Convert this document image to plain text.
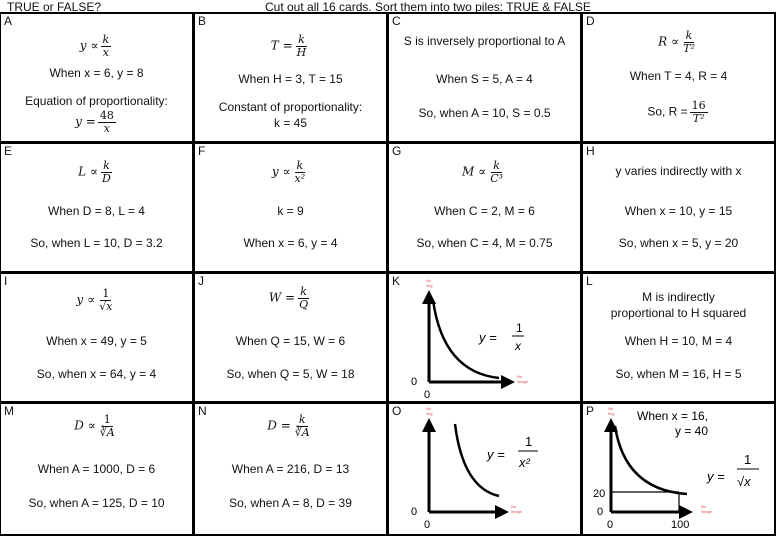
TRUE or FALSE?	Cut out all 16 cards. Sort them into two piles: TRUE & FALSE
A
$y \propto \frac{k}{x}$
When x = 6, y = 8
Equation of proportionality:
$y = \frac{48}{x}$
B
$T = \frac{k}{H}$
When H = 3, T = 15
Constant of proportionality:
k = 45
C
S is inversely proportional to A
When S = 5, A = 4
So, when A = 10, S = 0.5
D
$R \propto \frac{k}{\text{T²}}$
When T = 4, R = 4
So, $R = \frac{16}{\text{T²}}$
E
$L \propto \frac{k}{D}$
When D = 8, L = 4
So, when L = 10, D = 3.2
F
$y \propto \frac{k}{\text{x²}}$
k = 9
When x = 6, y = 4
G
$M \propto \frac{k}{\text{C³}}$
When C = 2, M = 6
So, when C = 4, M = 0.75
H
y varies indirectly with x
When x = 10, y = 15
So, when x = 5, y = 20
I
$y \propto \frac{1}{√x}$
When x = 49, y = 5
So, when x = 64, y = 4
J
$W = \frac{k}{Q}$
When Q = 15, W = 6
So, when Q = 5, W = 18
K	No img
No image
0
0
y =
1
x
L
M is indirectly
proportional to H squared
When H = 10, M = 4
So, when M = 16, H = 5
M
$D \propto \frac{1}{∛A}$
When A = 1000, D = 6
So, when A = 125, D = 10
N
$D = \frac{k}{∛A}$
When A = 216, D = 13
So, when A = 8, D = 39
O	No img
No image
0
0
y =
1
x²
P	No img
No image
20
0
0	100
When x = 16,
y = 40
y =
1
√x
